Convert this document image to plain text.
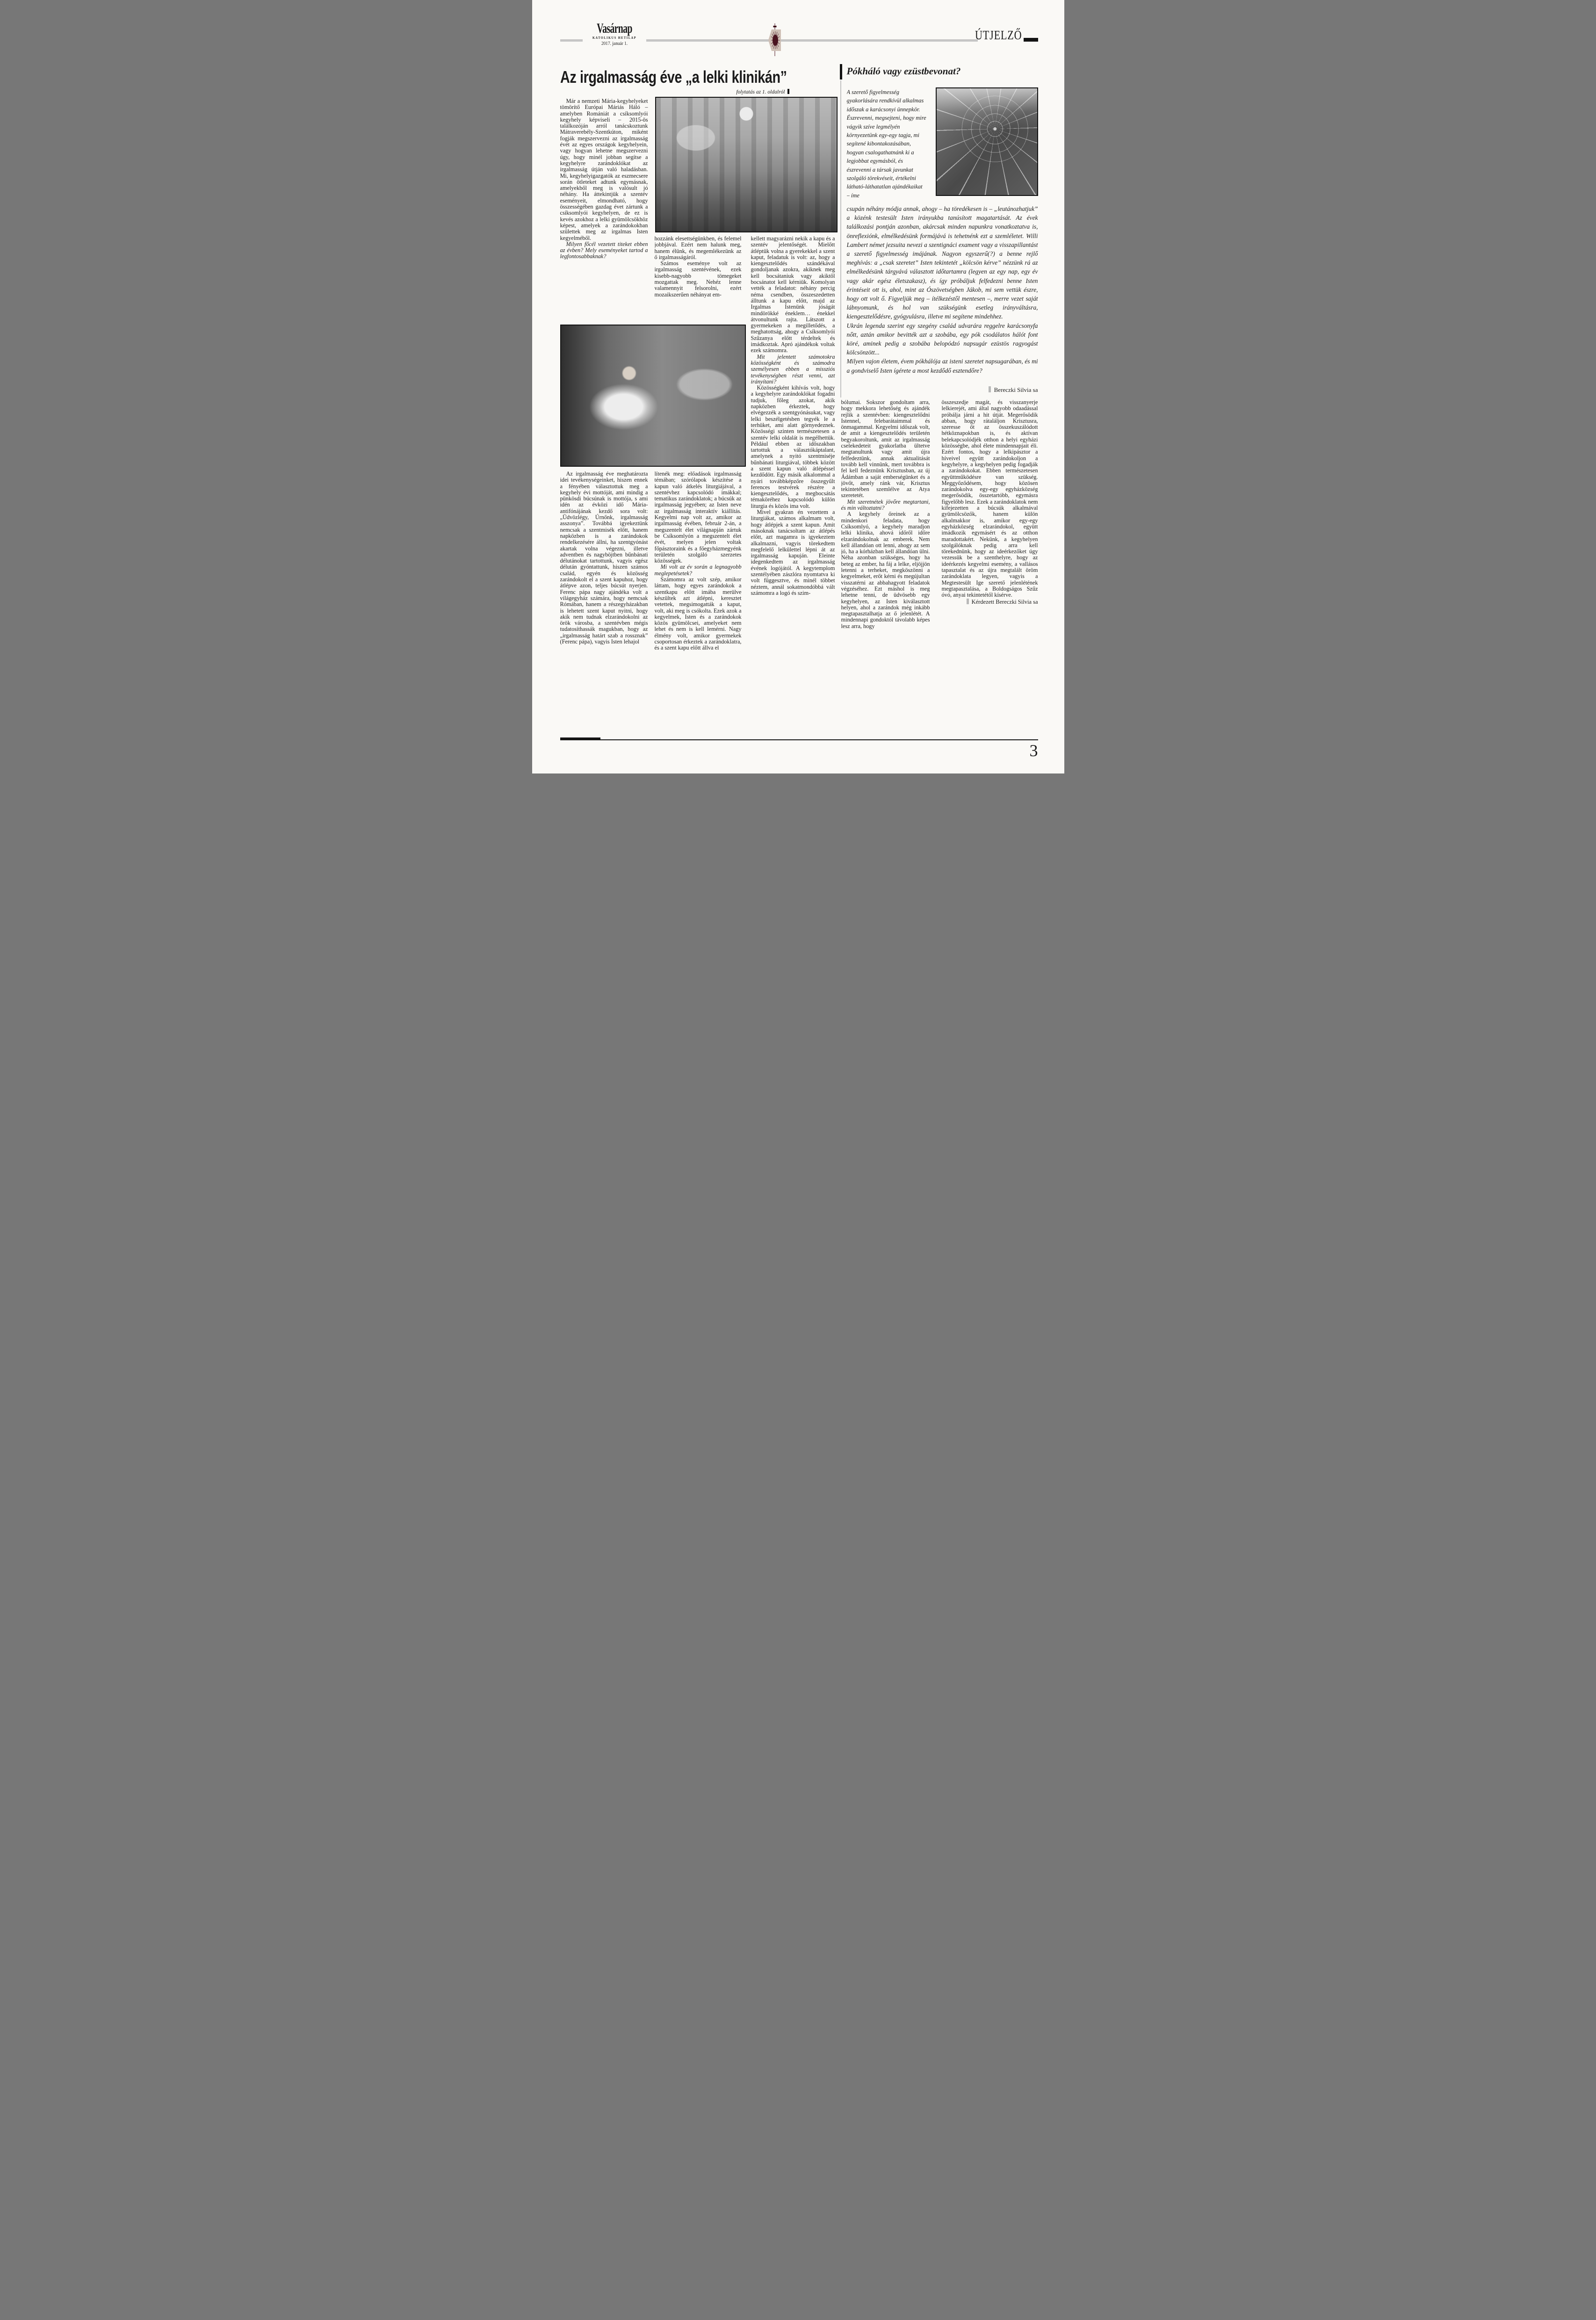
Vasárnap
KATOLIKUS HETILAP
2017. január 1.
ÚTJELZŐ
Az irgalmasság éve „a lelki klinikán”
folytatás az 1. oldalról

Már a nemzeti Mária-kegyhelyeket tömörítő Európai Máriás Háló – amelyben Romániát a csíksomlyói kegyhely képviseli – 2015-ös találkozóján arról tanácskoztunk Mátraverebély-Szentkúton, miként fogják megszervezni az irgalmasság évét az egyes országok kegyhelyein, vagy hogyan lehetne megszervezni úgy, hogy minél jobban segítse a kegyhelyre zarándoklókat az irgalmasság útján való haladásban. Mi, kegyhelyigazgatók az eszmecsere során ötleteket adtunk egymásnak, amelyekből meg is valósult jó néhány. Ha áttekintjük a szentév eseményeit, elmondható, hogy összességében gazdag évet zártunk a csíksomlyói kegyhelyen, de ez is kevés azokhoz a lelki gyümölcsökhöz képest, amelyek a zarándokokban születtek meg az irgalmas Isten kegyelméből.

Milyen főcél vezetett titeket ebben az évben? Mely eseményeket tartod a legfontosabbaknak?

hozzánk elesettségünkben, és felemel jobbjával. Ezért nem halunk meg, hanem élünk, és megemlékezünk az ő irgalmasságáról.

Számos eseménye volt az irgalmasság szentévének, ezek kisebb-nagyobb tömegeket mozgattak meg. Nehéz lenne valamennyit felsorolni, ezért mozaikszerűen néhányat em-

kellett magyarázni nekik a kapu és a szentév jelentőségét. Mielőtt átléptük volna a gyerekekkel a szent kaput, feladatuk is volt: az, hogy a kiengesztelődés szándékával gondoljanak azokra, akiknek meg kell bocsátaniuk vagy akiktől bocsánatot kell kérniük. Komolyan vették a feladatot: néhány percig néma csendben, összeszedetten álltunk a kapu előtt, majd az Irgalmas Istenünk jóságát mindörökké éneklem… énekkel átvonultunk rajta. Látszott a gyermekeken a megilletődés, a meghatottság, ahogy a Csíksomlyói Szűzanya előtt térdeltek és imádkoztak. Apró ajándékok voltak ezek számomra.

Mit jelentett számotokra közösségként és számodra személyesen ebben a missziós tevékenységben részt venni, azt irányítani?

Közösségként kihívás volt, hogy a kegyhelyre zarándoklókat fogadni tudjuk, főleg azokat, akik napközben érkeztek, hogy elvégezzék a szentgyónásukat, vagy lelki beszélgetésben tegyék le a terhüket, ami alatt görnyedeznek. Közösségi szinten természetesen a szentév lelki oldalát is megélhettük. Például ebben az időszakban tartottuk a választókáptalant, amelynek a nyitó szentmiséje bűnbánati liturgiával, többek között a szent kapun való átlépéssel kezdődött. Egy másik alkalommal a nyári továbbképzőre összegyűlt ferences testvérek részére a kiengesztelődés, a megbocsátás témaköréhez kapcsolódó külön liturgia és közös ima volt.

Mivel gyakran én vezettem a liturgiákat, számos alkalmam volt, hogy átlépjek a szent kapun. Amit másoknak tanácsoltam az átlépés előtt, azt magamra is igyekeztem alkalmazni, vagyis törekedtem megfelelő lelkülettel lépni át az irgalmasság kapuján. Eleinte idegenkedtem az irgalmasság évének logójától. A kegytemplom szentélyében zászlóra nyomtatva ki volt függesztve, és minél többet néztem, annál sokatmondóbbá vált számomra a logó és szim-

Az irgalmasság éve meghatározta idei tevékenységeinket, hiszen ennek a fényében választottuk meg a kegyhely évi mottóját, ami mindig a pünkösdi búcsúnak is mottója, s ami idén az évközi idő Mária-antifónájának kezdő sora volt: „Üdvözlégy, Úrnőnk, irgalmasság asszonya”. Továbbá igyekeztünk nemcsak a szentmisék előtt, hanem napközben is a zarándokok rendelkezésére állni, ha szentgyónást akartak volna végezni, illetve adventben és nagyböjtben bűnbánati délutánokat tartottunk, vagyis egész délután gyóntattunk, hiszen számos család, egyén és közösség zarándokolt el a szent kapuhoz, hogy átlépve azon, teljes búcsút nyerjen. Ferenc pápa nagy ajándéka volt a világegyház számára, hogy nemcsak Rómában, hanem a részegyházakban is lehetett szent kaput nyitni, hogy akik nem tudnak elzarándokolni az örök városba, a szentévben mégis tudatosíthassák magukban, hogy az „irgalmasság határt szab a rossznak” (Ferenc pápa), vagyis Isten lehajol

lítenék meg: előadások irgalmasság témában; szórólapok készítése a kapun való átkelés liturgiájával, a szentévhez kapcsolódó imákkal; tematikus zarándoklatok; a búcsúk az irgalmasság jegyében; az Isten neve az irgalmasság interaktív kiállítás. Kegyelmi nap volt az, amikor az irgalmasság évében, február 2-án, a megszentelt élet világnapján zártuk be Csíksomlyón a megszentelt élet évét, melyen jelen voltak főpásztoraink és a főegyházmegyénk területén szolgáló szerzetes közösségek.

Mi volt az év során a legnagyobb meglepetésetek?

Számomra az volt szép, amikor láttam, hogy egyes zarándokok a szentkapu előtt imába merülve készültek azt átlépni, keresztet vetettek, megsimogatták a kaput, volt, aki meg is csókolta. Ezek azok a kegyelmek, Isten és a zarándokok közös gyümölcsei, amelyeket nem lehet és nem is kell lemérni. Nagy élmény volt, amikor gyermekek csoportosan érkeztek a zarándoklatra, és a szent kapu előtt állva el

bólumai. Sokszor gondoltam arra, hogy mekkora lehetőség és ajándék rejlik a szentévben: kiengesztelődni Istennel, felebarátaimmal és önmagammal. Kegyelmi időszak volt, de amit a kiengesztelődés területén begyakoroltunk, amit az irgalmasság cselekedeteit gyakorlatba ültetve megtanultunk vagy amit újra felfedeztünk, annak aktualitását tovább kell vinnünk, mert továbbra is fel kell fedeznünk Krisztusban, az új Ádámban a saját emberségünket és a jövőt, amely ránk vár, Krisztus tekintetében szemlélve az Atya szeretetét.

Mit szeretnétek jövőre megtartani, és min változtatni?

A kegyhely őreinek az a mindenkori feladata, hogy Csíksomlyó, a kegyhely maradjon lelki klinika, ahová időről időre elzarándokolnak az emberek. Nem kell állandóan ott lenni, ahogy az sem jó, ha a kórházban kell állandóan ülni. Néha azonban szükséges, hogy ha beteg az ember, ha fáj a lelke, eljöjjön letenni a terheket, megköszönni a kegyelmeket, erőt kérni és megújultan visszatérni az abbahagyott feladatok végzéséhez. Ezt máshol is meg lehetne tenni, de üdvösebb egy kegyhelyen, az Isten kiválasztott helyen, ahol a zarándok még inkább megtapasztalhatja az ő jelenlétét. A mindennapi gondoktól távolabb képes lesz arra, hogy

összeszedje magát, és visszanyerje lelkierejét, ami által nagyobb odaadással próbálja járni a hit útját. Megerősödik abban, hogy rátaláljon Krisztusra, szeresse őt az összekuszálódott hétköznapokban is, és aktívan belekapcsolódjék otthon a helyi egyházi közösségbe, ahol élete mindennapjait éli. Ezért fontos, hogy a lelkipásztor a híveivel együtt zarándokoljon a kegyhelyre, a kegyhelyen pedig fogadják a zarándokokat. Ebben természetesen együttműködésre van szükség. Meggyőződésem, hogy közösen zarándokolva egy-egy egyházközség megerősödik, összetartóbb, egymásra figyelőbb lesz. Ezek a zarándoklatok nem kifejezetten a búcsúk alkalmával gyümölcsözők, hanem külön alkalmakkor is, amikor egy-egy egyházközség elzarándokol, együtt imádkozik egymásért és az otthon maradottakért. Nekünk, a kegyhelyen szolgálóknak pedig arra kell törekednünk, hogy az ideérkezőket úgy vezessük be a szenthelyre, hogy az ideérkezés kegyelmi esemény, a vallásos tapasztalat és az újra megtalált öröm zarándoklata legyen, vagyis a Megtestesült Ige szerető jelenlétének megtapasztalása, a Boldogságos Szűz óvó, anyai tekintetétől kísérve.

Kérdezett Bereczki Silvia sa

Pókháló vagy ezüstbevonat?
A szerető figyelmesség gyakorlására rendkívül alkalmas időszak a karácsonyi ünnepkör. Észrevenni, megsejteni, hogy mire vágyik szíve legmélyén környezetünk egy-egy tagja, mi segítené kibontakozásában, hogyan csalogathatnánk ki a legjobbat egymásból, és észrevenni a társak javunkat szolgáló törekvéseit, értékelni látható-láthatatlan ajándékaikat – íme

csupán néhány módja annak, ahogy – ha töredékesen is – „leutánozhatjuk” a közénk testesült Isten irányukba tanúsított magatartását. Az évek találkozási pontján azonban, akárcsak minden napunkra vonatkoztatva is, önreflexiónk, elmélkedésünk formájává is tehetnénk ezt a szemléletet. Willi Lambert német jezsuita nevezi a szentignáci exament vagy a visszapillantást a szerető figyelmesség imájának. Nagyon egyszerű(?) a benne rejlő meghívás: a „csak szeretet” Isten tekintetét „kölcsön kérve” nézzünk rá az elmélkedésünk tárgyává választott időtartamra (legyen az egy nap, egy év vagy akár egész életszakasz), és így próbáljuk felfedezni benne Isten érintéseit ott is, ahol, mint az Ószövetségben Jákob, mi sem vettük észre, hogy ott volt ő. Figyeljük meg – ítélkezéstől mentesen –, merre vezet saját lábnyomunk, és hol van szükségünk esetleg irányváltásra, kiengesztelődésre, gyógyulásra, illetve mi segítene mindehhez.

Ukrán legenda szerint egy szegény család udvarára reggelre karácsonyfa nőtt, aztán amikor bevitték azt a szobába, egy pók csodálatos hálót font köré, aminek pedig a szobába belopódzó napsugár ezüstös ragyogást kölcsönzött...

Milyen vajon életem, évem pókhálója az isteni szeretet napsugarában, és mi a gondviselő Isten ígérete a most kezdődő esztendőre?

Bereczki Silvia sa
3
